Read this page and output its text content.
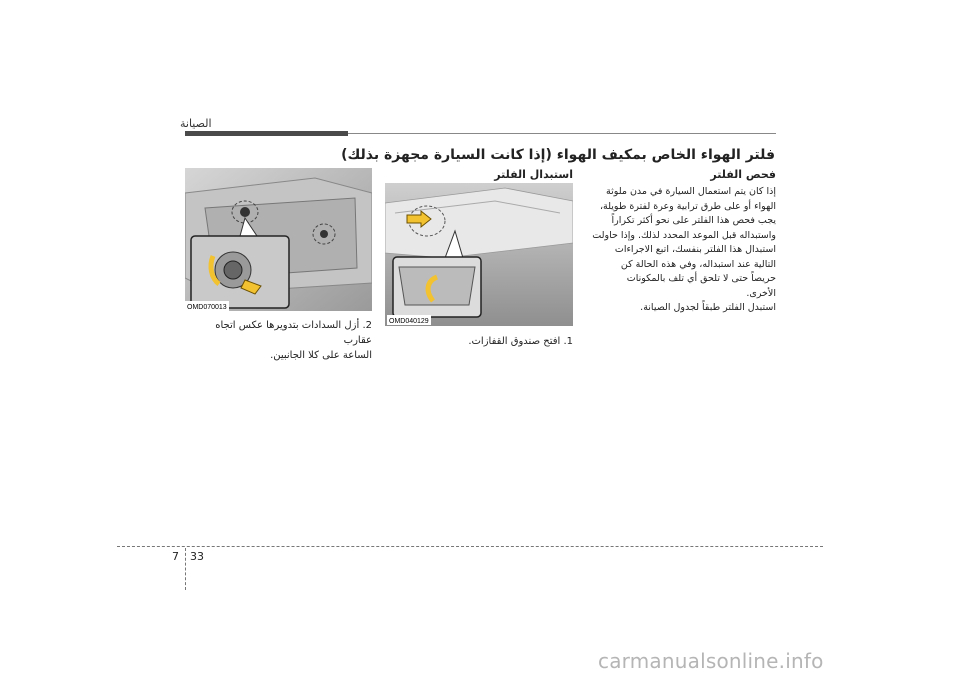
الصيانة
فلتر الهواء الخاص بمكيف الهواء (إذا كانت السيارة مجهزة بذلك)
فحص الفلتر

إذا كان يتم استعمال السيارة في مدن ملوثة

الهواء أو على طرق ترابية وعرة لفترة طويلة،

يجب فحص هذا الفلتر على نحو أكثر تكراراً

واستبداله قبل الموعد المحدد لذلك. وإذا حاولت

استبدال هذا الفلتر بنفسك، اتبع الاجراءات

التالية عند استبداله، وفي هذه الحالة كن

حريصاً حتى لا تلحق أي تلف بالمكونات

الأخرى.

استبدل الفلتر طبقاً لجدول الصيانة.

استبدال الفلتر
OMD040129
1. افتح صندوق القفازات.
OMD070013
2. أزل السدادات بتدويرها عكس اتجاه عقارب
الساعة على كلا الجانبين.
7 33
carmanualsonline.info
